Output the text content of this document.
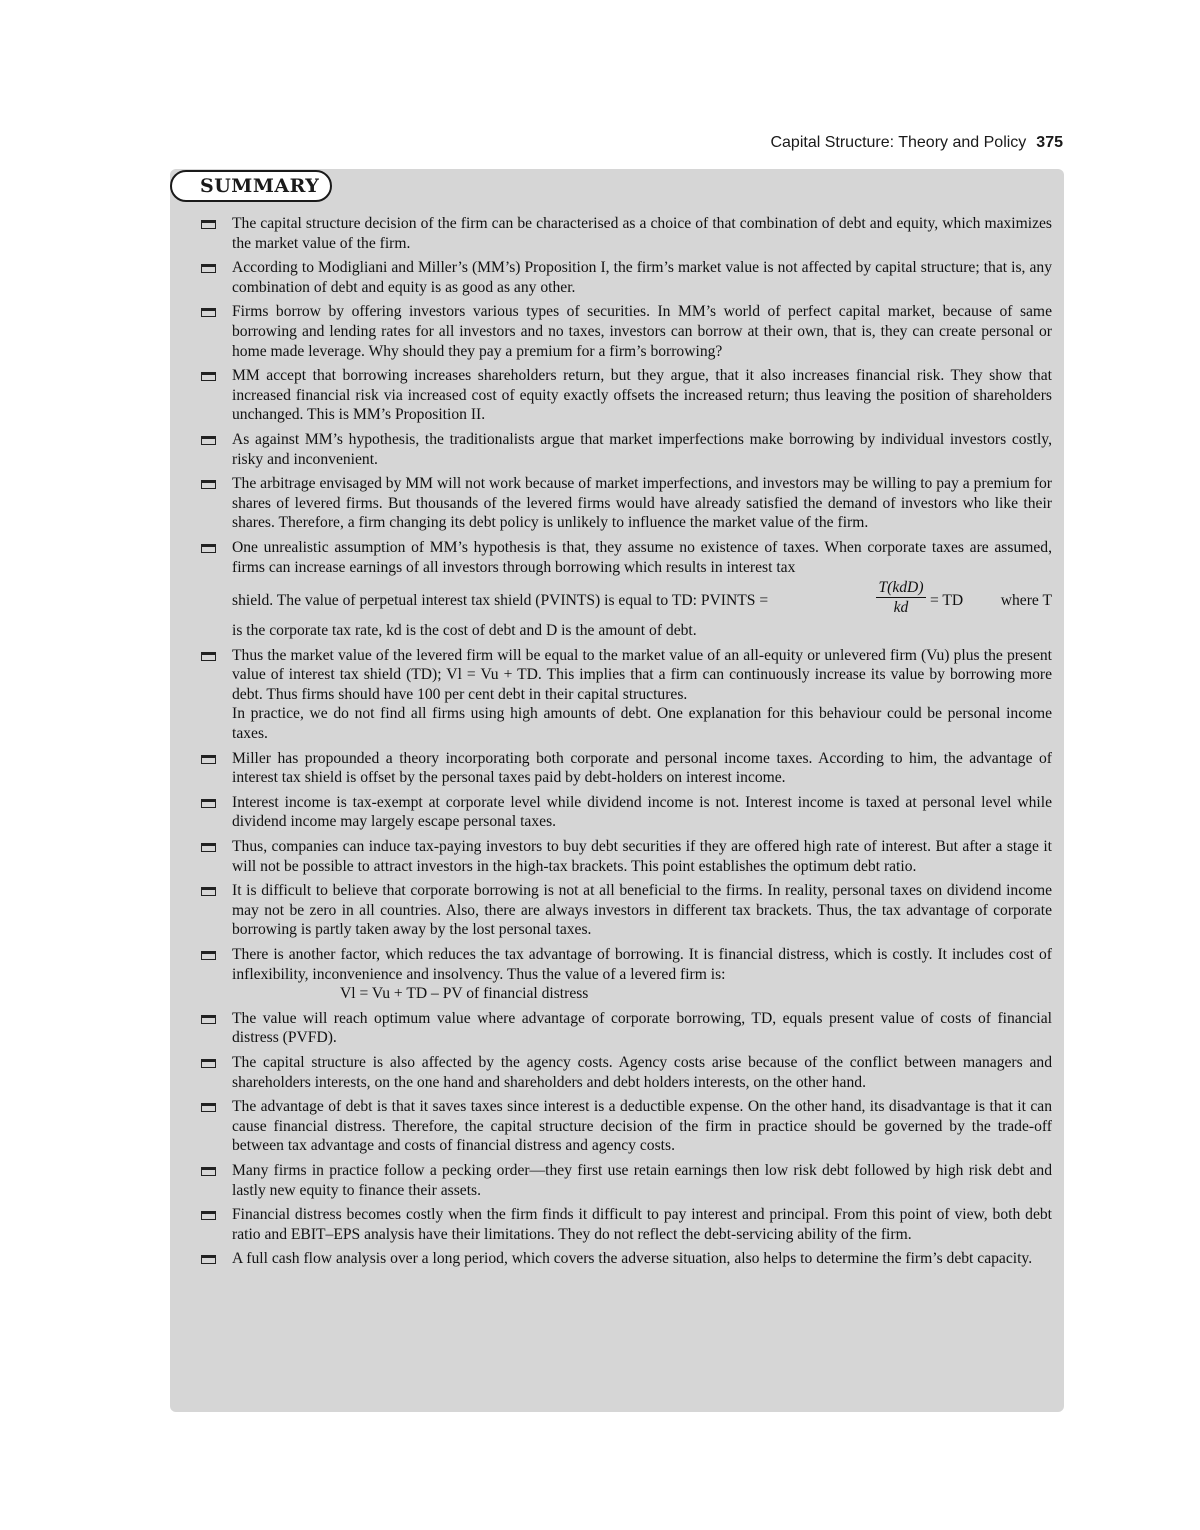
Capital Structure: Theory and Policy 375
SUMMARY

The capital structure decision of the firm can be characterised as a choice of that combination of debt and equity, which maximizes the market value of the firm.

According to Modigliani and Miller’s (MM’s) Proposition I, the firm’s market value is not affected by capital structure; that is, any combination of debt and equity is as good as any other.

Firms borrow by offering investors various types of securities. In MM’s world of perfect capital market, because of same borrowing and lending rates for all investors and no taxes, investors can borrow at their own, that is, they can create personal or home made leverage. Why should they pay a premium for a firm’s borrowing?

MM accept that borrowing increases shareholders return, but they argue, that it also increases financial risk. They show that increased financial risk via increased cost of equity exactly offsets the increased return; thus leaving the position of shareholders unchanged. This is MM’s Proposition II.

As against MM’s hypothesis, the traditionalists argue that market imperfections make borrowing by individual investors costly, risky and inconvenient.

The arbitrage envisaged by MM will not work because of market imperfections, and investors may be willing to pay a premium for shares of levered firms. But thousands of the levered firms would have already satisfied the demand of investors who like their shares. Therefore, a firm changing its debt policy is unlikely to influence the market value of the firm.

One unrealistic assumption of MM’s hypothesis is that, they assume no existence of taxes. When corporate taxes are assumed, firms can increase earnings of all investors through borrowing which results in interest tax

shield. The value of perpetual interest tax shield (PVINTS) is equal to TD: PVINTS =
T(kdD)
kd	= TD where T

is the corporate tax rate, kd is the cost of debt and D is the amount of debt.

Thus the market value of the levered firm will be equal to the market value of an all-equity or unlevered firm (Vu) plus the present value of interest tax shield (TD); Vl = Vu + TD. This implies that a firm can continuously increase its value by borrowing more debt. Thus firms should have 100 per cent debt in their capital structures.

In practice, we do not find all firms using high amounts of debt. One explanation for this behaviour could be personal income taxes.

Miller has propounded a theory incorporating both corporate and personal income taxes. According to him, the advantage of interest tax shield is offset by the personal taxes paid by debt-holders on interest income.

Interest income is tax-exempt at corporate level while dividend income is not. Interest income is taxed at personal level while dividend income may largely escape personal taxes.

Thus, companies can induce tax-paying investors to buy debt securities if they are offered high rate of interest. But after a stage it will not be possible to attract investors in the high-tax brackets. This point establishes the optimum debt ratio.

It is difficult to believe that corporate borrowing is not at all beneficial to the firms. In reality, personal taxes on dividend income may not be zero in all countries. Also, there are always investors in different tax brackets. Thus, the tax advantage of corporate borrowing is partly taken away by the lost personal taxes.

There is another factor, which reduces the tax advantage of borrowing. It is financial distress, which is costly. It includes cost of inflexibility, inconvenience and insolvency. Thus the value of a levered firm is:

Vl = Vu + TD – PV of financial distress

The value will reach optimum value where advantage of corporate borrowing, TD, equals present value of costs of financial distress (PVFD).

The capital structure is also affected by the agency costs. Agency costs arise because of the conflict between managers and shareholders interests, on the one hand and shareholders and debt holders interests, on the other hand.

The advantage of debt is that it saves taxes since interest is a deductible expense. On the other hand, its disadvantage is that it can cause financial distress. Therefore, the capital structure decision of the firm in practice should be governed by the trade-off between tax advantage and costs of financial distress and agency costs.

Many firms in practice follow a pecking order—they first use retain earnings then low risk debt followed by high risk debt and lastly new equity to finance their assets.

Financial distress becomes costly when the firm finds it difficult to pay interest and principal. From this point of view, both debt ratio and EBIT–EPS analysis have their limitations. They do not reflect the debt-servicing ability of the firm.

A full cash flow analysis over a long period, which covers the adverse situation, also helps to determine the firm’s debt capacity.
